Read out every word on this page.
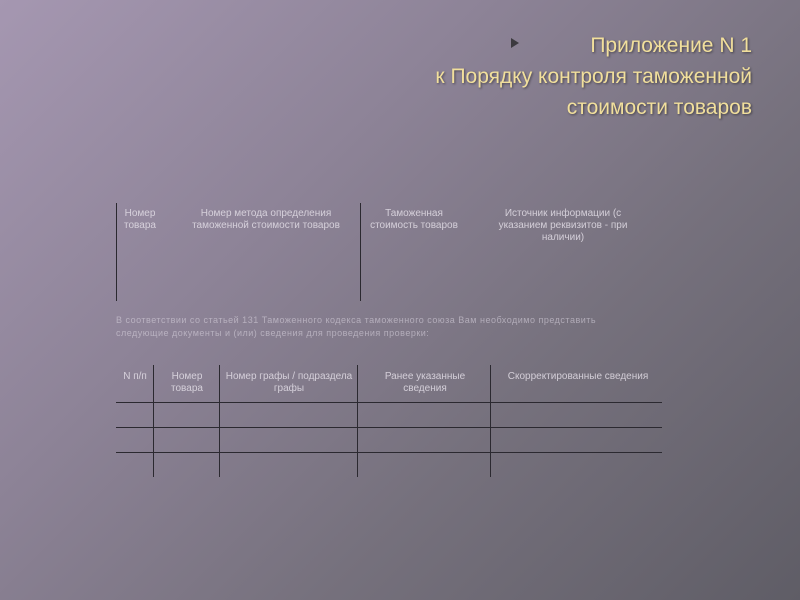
Приложение N 1
к Порядку контроля таможенной
стоимости товаров
Номер товара
Номер метода определения таможенной стоимости товаров
Таможенная стоимость товаров
Источник информации (с указанием реквизитов - при наличии)
В соответствии со статьей 131 Таможенного кодекса таможенного союза Вам необходимо представить следующие документы и (или) сведения для проведения проверки:
N п/п	Номер товара
Номер графы / подраздела графы
Ранее указанные сведения
Скорректированные сведения
